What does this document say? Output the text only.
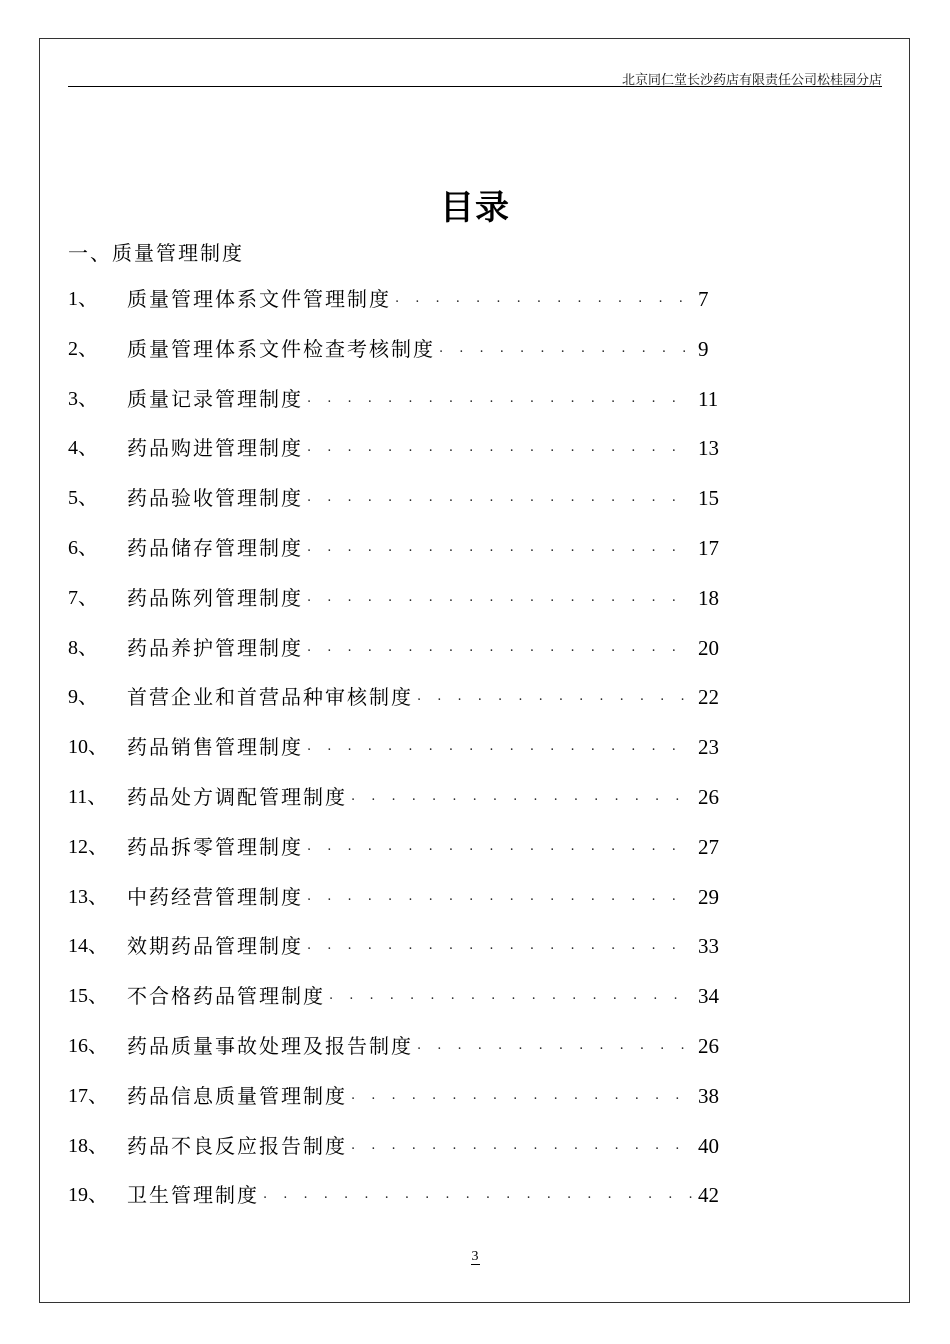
北京同仁堂长沙药店有限责任公司松桂园分店
目录
一、质量管理制度
1、	质量管理体系文件管理制度 . . .	7
2、	质量管理体系文件检查考核制度 . . .	9
3、	质量记录管理制度 . . .	11
4、	药品购进管理制度 . . .	13
5、	药品验收管理制度 . . .	15
6、	药品储存管理制度 . . .	17
7、	药品陈列管理制度 . . .	18
8、	药品养护管理制度 . . .	20
9、	首营企业和首营品种审核制度 . . .	22
10、 药品销售管理制度 . . .	23
11、 药品处方调配管理制度 . . .	26
12、 药品拆零管理制度 . . .	27
13、 中药经营管理制度 . . .	29
14、 效期药品管理制度 . . .	33
15、 不合格药品管理制度 . . .	34
16、 药品质量事故处理及报告制度 . . .	26
17、 药品信息质量管理制度 . . .	38
18、 药品不良反应报告制度 . . .	40
19、 卫生管理制度 . . .	42
3
